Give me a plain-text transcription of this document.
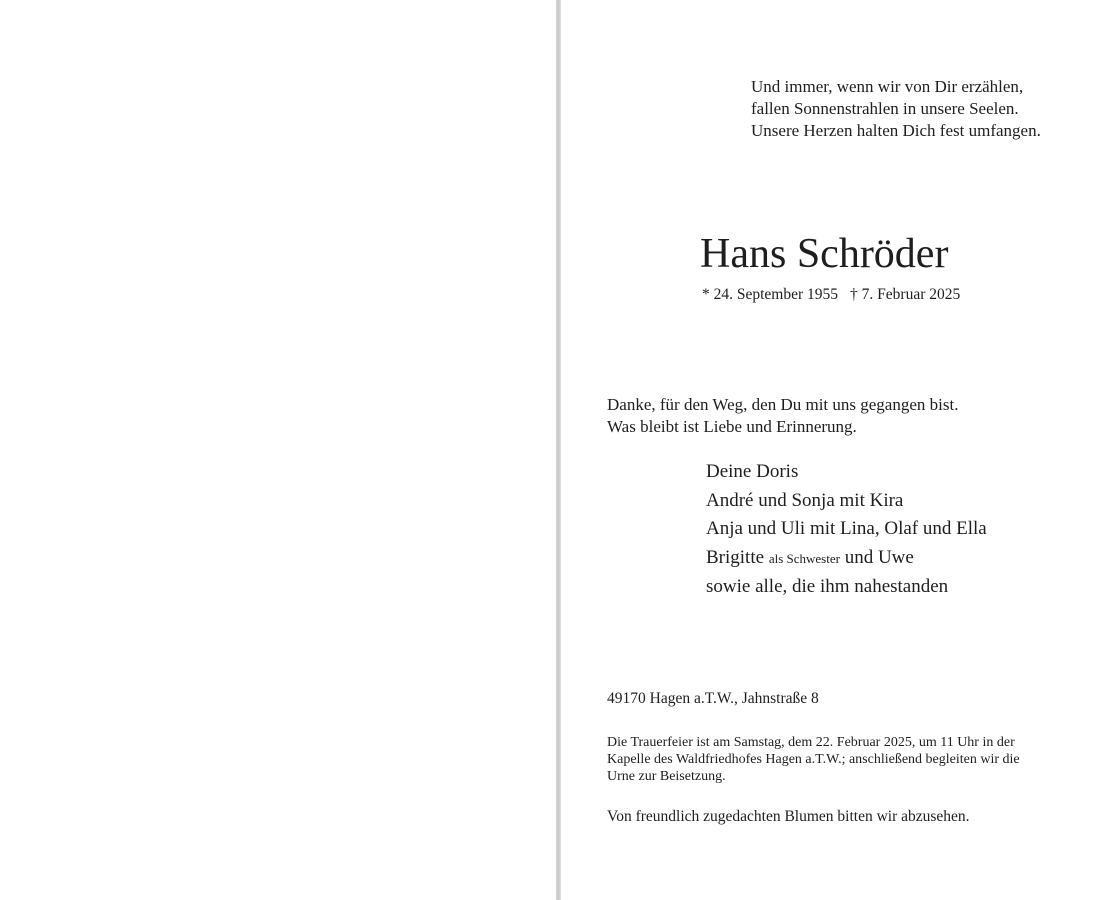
Und immer, wenn wir von Dir erzählen,
fallen Sonnenstrahlen in unsere Seelen.
Unsere Herzen halten Dich fest umfangen.
Hans Schröder
* 24. September 1955 † 7. Februar 2025
Danke, für den Weg, den Du mit uns gegangen bist.
Was bleibt ist Liebe und Erinnerung.
Deine Doris
André und Sonja mit Kira
Anja und Uli mit Lina, Olaf und Ella
Brigitte als Schwester und Uwe
sowie alle, die ihm nahestanden
49170 Hagen a.T.W., Jahnstraße 8
Die Trauerfeier ist am Samstag, dem 22. Februar 2025, um 11 Uhr in der
Kapelle des Waldfriedhofes Hagen a.T.W.; anschließend begleiten wir die
Urne zur Beisetzung.
Von freundlich zugedachten Blumen bitten wir abzusehen.
